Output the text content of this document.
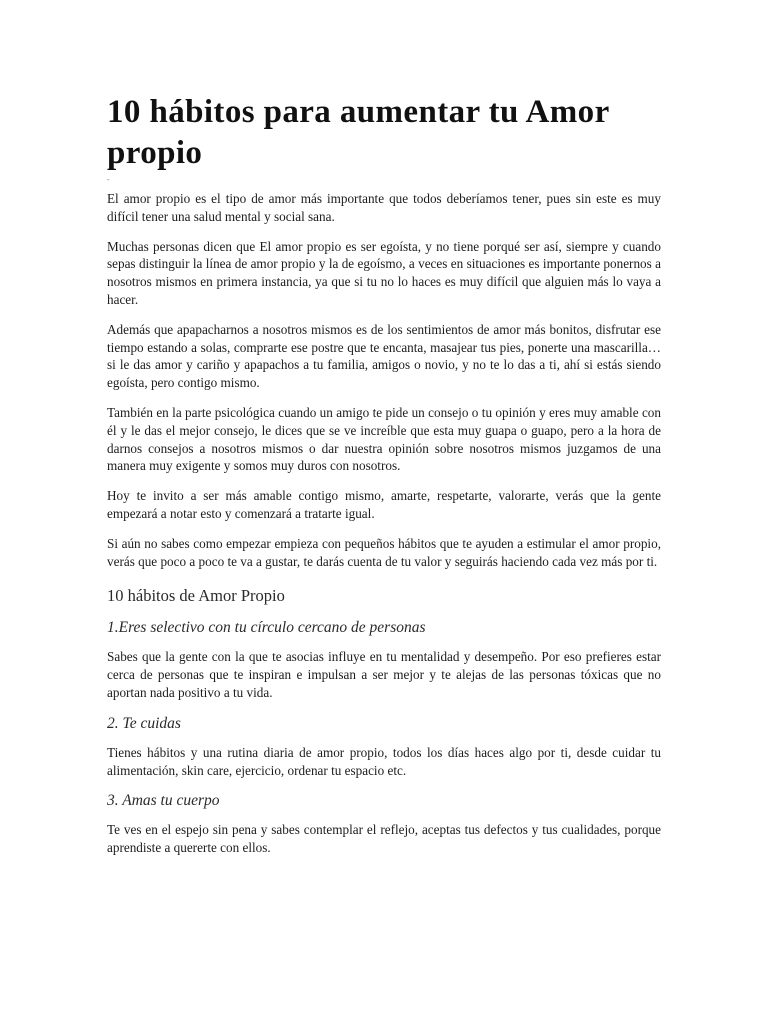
10 hábitos para aumentar tu Amor propio
-

El amor propio es el tipo de amor más importante que todos deberíamos tener, pues sin este es muy difícil tener una salud mental y social sana.

Muchas personas dicen que El amor propio es ser egoísta, y no tiene porqué ser así, siempre y cuando sepas distinguir la línea de amor propio y la de egoísmo, a veces en situaciones es importante ponernos a nosotros mismos en primera instancia, ya que si tu no lo haces es muy difícil que alguien más lo vaya a hacer.

Además que apapacharnos a nosotros mismos es de los sentimientos de amor más bonitos, disfrutar ese tiempo estando a solas, comprarte ese postre que te encanta, masajear tus pies, ponerte una mascarilla… si le das amor y cariño y apapachos a tu familia, amigos o novio, y no te lo das a ti, ahí si estás siendo egoísta, pero contigo mismo.

También en la parte psicológica cuando un amigo te pide un consejo o tu opinión y eres muy amable con él y le das el mejor consejo, le dices que se ve increíble que esta muy guapa o guapo, pero a la hora de darnos consejos a nosotros mismos o dar nuestra opinión sobre nosotros mismos juzgamos de una manera muy exigente y somos muy duros con nosotros.

Hoy te invito a ser más amable contigo mismo, amarte, respetarte, valorarte, verás que la gente empezará a notar esto y comenzará a tratarte igual.

Si aún no sabes como empezar empieza con pequeños hábitos que te ayuden a estimular el amor propio, verás que poco a poco te va a gustar, te darás cuenta de tu valor y seguirás haciendo cada vez más por ti.

10 hábitos de Amor Propio
1.Eres selectivo con tu círculo cercano de personas

Sabes que la gente con la que te asocias influye en tu mentalidad y desempeño. Por eso prefieres estar cerca de personas que te inspiran e impulsan a ser mejor y te alejas de las personas tóxicas que no aportan nada positivo a tu vida.

2. Te cuidas

Tienes hábitos y una rutina diaria de amor propio, todos los días haces algo por ti, desde cuidar tu alimentación, skin care, ejercicio, ordenar tu espacio etc.

3. Amas tu cuerpo

Te ves en el espejo sin pena y sabes contemplar el reflejo, aceptas tus defectos y tus cualidades, porque aprendiste a quererte con ellos.
